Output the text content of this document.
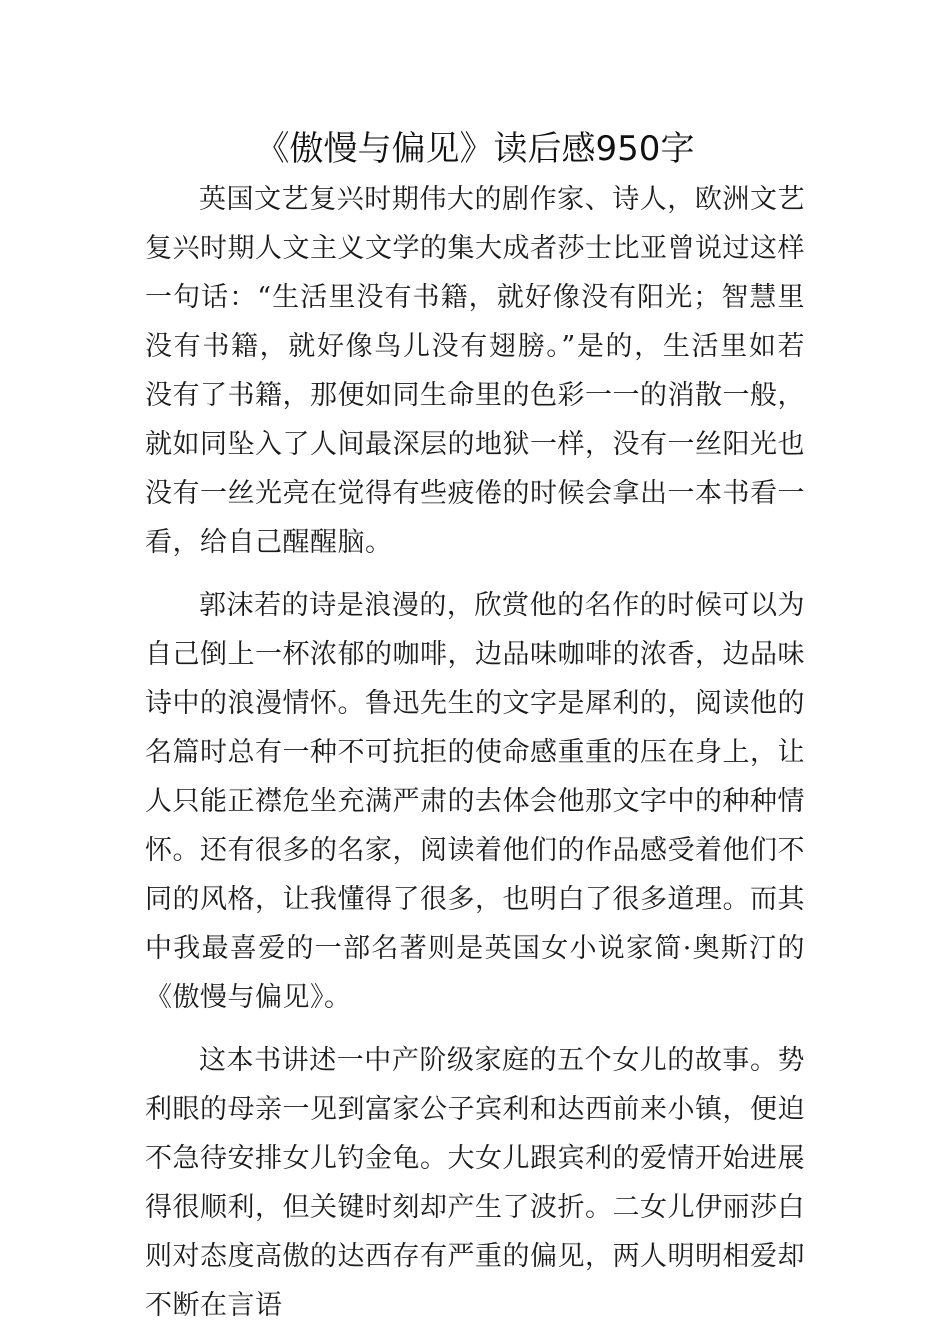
《傲慢与偏见》读后感950字

英国文艺复兴时期伟大的剧作家、诗人，欧洲文艺复兴时期人文主义文学的集大成者莎士比亚曾说过这样一句话：“生活里没有书籍，就好像没有阳光；智慧里没有书籍，就好像鸟儿没有翅膀。”是的，生活里如若没有了书籍，那便如同生命里的色彩一一的消散一般，就如同坠入了人间最深层的地狱一样，没有一丝阳光也没有一丝光亮在觉得有些疲倦的时候会拿出一本书看一看，给自己醒醒脑。

郭沫若的诗是浪漫的，欣赏他的名作的时候可以为自己倒上一杯浓郁的咖啡，边品味咖啡的浓香，边品味诗中的浪漫情怀。鲁迅先生的文字是犀利的，阅读他的名篇时总有一种不可抗拒的使命感重重的压在身上，让人只能正襟危坐充满严肃的去体会他那文字中的种种情怀。还有很多的名家，阅读着他们的作品感受着他们不同的风格，让我懂得了很多，也明白了很多道理。而其中我最喜爱的一部名著则是英国女小说家简·奥斯汀的《傲慢与偏见》。

这本书讲述一中产阶级家庭的五个女儿的故事。势利眼的母亲一见到富家公子宾利和达西前来小镇，便迫不急待安排女儿钓金龟。大女儿跟宾利的爱情开始进展得很顺利，但关键时刻却产生了波折。二女儿伊丽莎白则对态度高傲的达西存有严重的偏见，两人明明相爱却不断在言语
